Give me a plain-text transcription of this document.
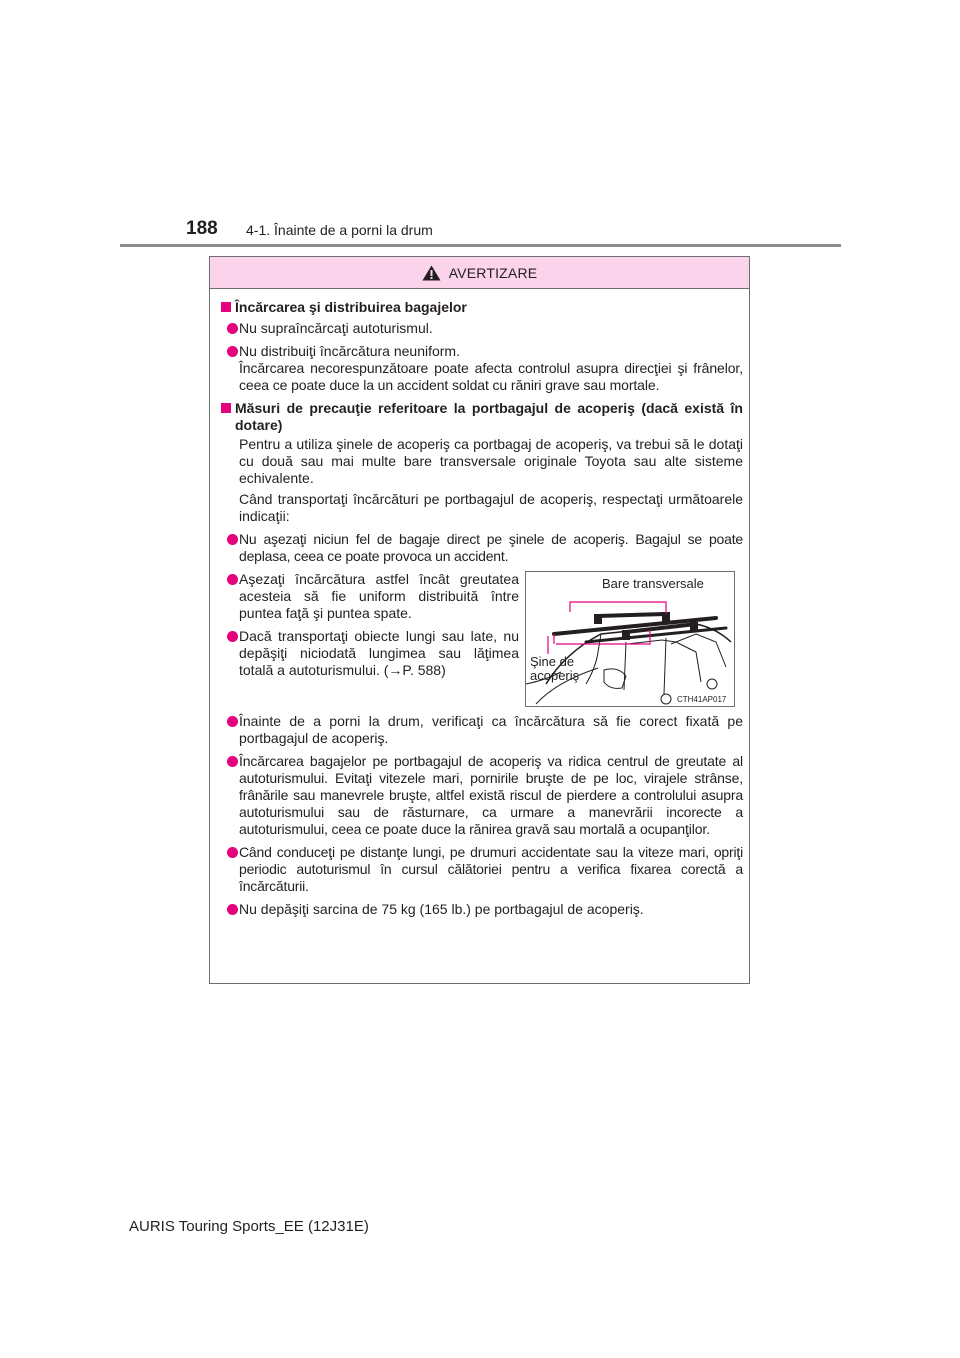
188 4-1. Înainte de a porni la drum
AVERTIZARE
Încărcarea şi distribuirea bagajelor
Nu supraîncărcaţi autoturismul.
Nu distribuiţi încărcătura neuniform.
Încărcarea necorespunzătoare poate afecta controlul asupra direcţiei şi frânelor, ceea ce poate duce la un accident soldat cu răniri grave sau mortale.
Măsuri de precauţie referitoare la portbagajul de acoperiş (dacă există în dotare)
Pentru a utiliza şinele de acoperiş ca portbagaj de acoperiş, va trebui să le dotaţi cu două sau mai multe bare transversale originale Toyota sau alte sisteme echivalente.
Când transportaţi încărcături pe portbagajul de acoperiş, respectaţi următoarele indicaţii:
Nu aşezaţi niciun fel de bagaje direct pe şinele de acoperiş. Bagajul se poate deplasa, ceea ce poate provoca un accident.
Aşezaţi încărcătura astfel încât greutatea acesteia să fie uniform distribuită între puntea faţă şi puntea spate.
Dacă transportaţi obiecte lungi sau late, nu depăşiţi niciodată lungimea sau lăţimea totală a autoturismului. (→P. 588)
Bare transversale
Şine de
acoperiş
CTH41AP017
Înainte de a porni la drum, verificaţi ca încărcătura să fie corect fixată pe portbagajul de acoperiş.
Încărcarea bagajelor pe portbagajul de acoperiş va ridica centrul de greutate al autoturismului. Evitaţi vitezele mari, pornirile bruşte de pe loc, virajele strânse, frânările sau manevrele bruşte, altfel există riscul de pierdere a controlului asupra autoturismului sau de răsturnare, ca urmare a manevrării incorecte a autoturismului, ceea ce poate duce la rănirea gravă sau mortală a ocupanţilor.
Când conduceţi pe distanţe lungi, pe drumuri accidentate sau la viteze mari, opriţi periodic autoturismul în cursul călătoriei pentru a verifica fixarea corectă a încărcăturii.
Nu depăşiţi sarcina de 75 kg (165 lb.) pe portbagajul de acoperiş.
AURIS Touring Sports_EE (12J31E)
